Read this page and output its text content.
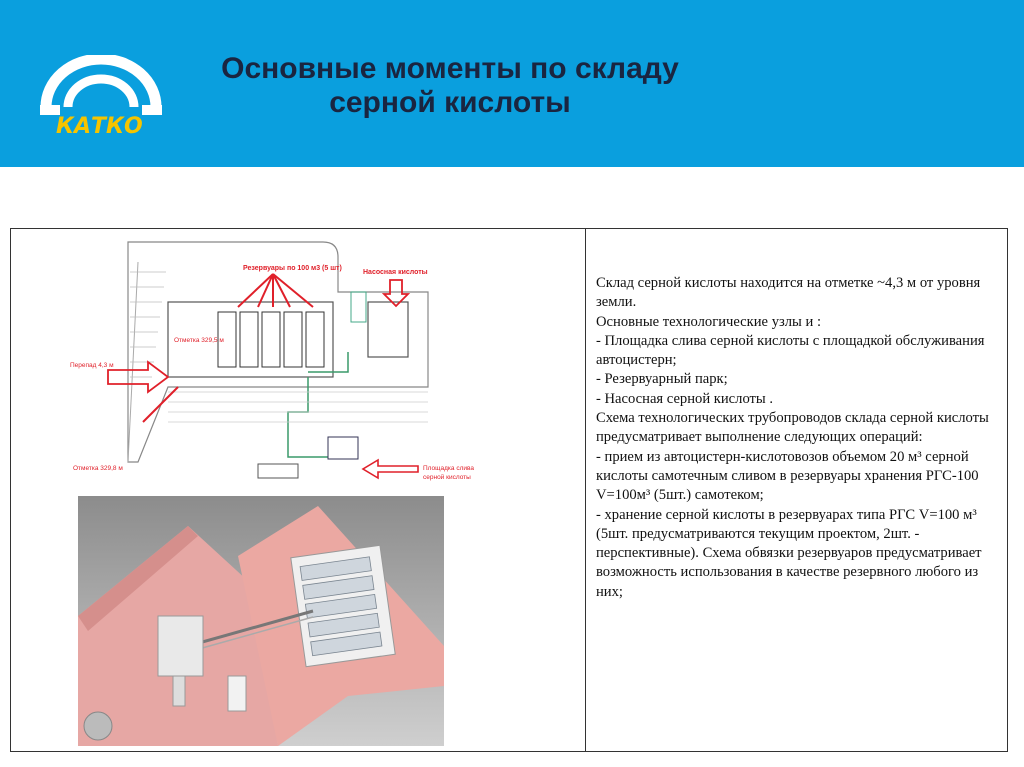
КАТКО
Основные моменты по складу
серной кислоты
Резервуары по 100 м3 (5 шт)
Насосная кислоты
Отметка 329,5 м
Перепад 4,3 м
Отметка 329,8 м	Площадка слива
серной кислоты

Склад серной кислоты находится на отметке ~4,3 м от уровня земли.

Основные технологические узлы и :

- Площадка слива серной кислоты с площадкой обслуживания автоцистерн;

- Резервуарный парк;

- Насосная серной кислоты .

Схема технологических трубопроводов склада серной кислоты предусматривает выполнение следующих операций:

- прием из автоцистерн-кислотовозов объемом 20 м³ серной кислоты самотечным сливом в резервуары хранения РГС-100 V=100м³ (5шт.) самотеком;

- хранение серной кислоты в резервуарах типа РГС V=100 м³ (5шт. предусматриваются текущим проектом, 2шт. - перспективные). Схема обвязки резервуаров предусматривает возможность использования в качестве резервного любого из них;
